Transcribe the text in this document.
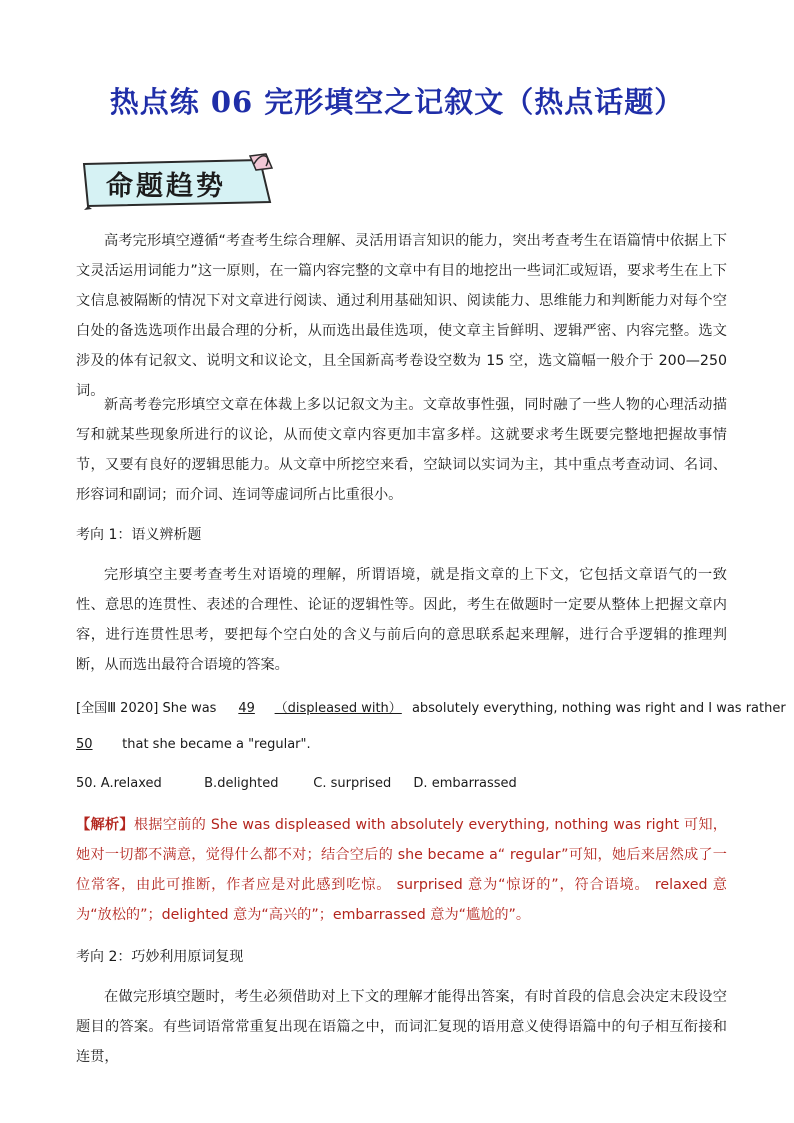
热点练 06 完形填空之记叙文（热点话题）
命题趋势
高考完形填空遵循“考查考生综合理解、灵活用语言知识的能力，突出考查考生在语篇情中依据上下文灵活运用词能力”这一原则，在一篇内容完整的文章中有目的地挖出一些词汇或短语，要求考生在上下文信息被隔断的情况下对文章进行阅读、通过利用基础知识、阅读能力、思维能力和判断能力对每个空白处的备选选项作出最合理的分析，从而选出最佳选项，使文章主旨鲜明、逻辑严密、内容完整。选文涉及的体有记叙文、说明文和议论文，且全国新高考卷设空数为 15 空，选文篇幅一般介于 200—250 词。
新高考卷完形填空文章在体裁上多以记叙文为主。文章故事性强，同时融了一些人物的心理活动描写和就某些现象所进行的议论，从而使文章内容更加丰富多样。这就要求考生既要完整地把握故事情节，又要有良好的逻辑思能力。从文章中所挖空来看，空缺词以实词为主，其中重点考查动词、名词、形容词和副词；而介词、连词等虚词所占比重很小。
考向 1：语义辨析题
完形填空主要考查考生对语境的理解，所谓语境，就是指文章的上下文，它包括文章语气的一致性、意思的连贯性、表述的合理性、论证的逻辑性等。因此，考生在做题时一定要从整体上把握文章内容，进行连贯性思考，要把每个空白处的含义与前后向的意思联系起来理解，进行合乎逻辑的推理判断，从而选出最符合语境的答案。
[全国Ⅲ 2020] She was 49 （displeased with） absolutely everything, nothing was right and I was rather
50 that she became a "regular".
50. A.relaxed	B.delighted	C. surprised D. embarrassed
【解析】根据空前的 She was displeased with absolutely everything, nothing was right 可知，她对一切都不满意，觉得什么都不对；结合空后的 she became a“ regular”可知，她后来居然成了一位常客，由此可推断，作者应是对此感到吃惊。 surprised 意为“惊讶的”，符合语境。 relaxed 意为“放松的”；delighted 意为“高兴的”；embarrassed 意为“尴尬的”。
考向 2：巧妙利用原词复现
在做完形填空题时，考生必须借助对上下文的理解才能得出答案，有时首段的信息会决定末段设空题目的答案。有些词语常常重复出现在语篇之中，而词汇复现的语用意义使得语篇中的句子相互衔接和连贯，
